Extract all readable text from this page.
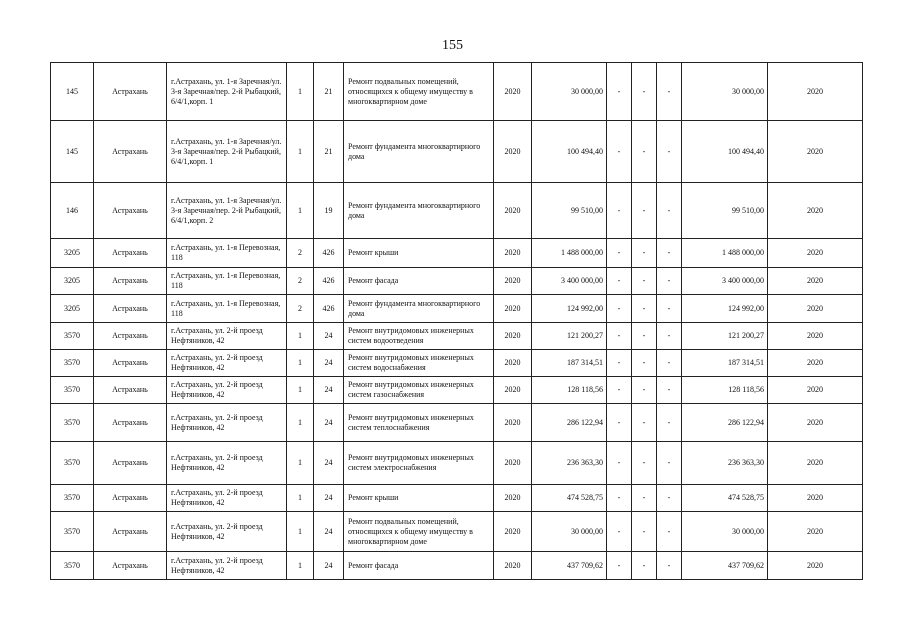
155
145	Астрахань	г.Астрахань, ул. 1-я Заречная/ул. 3-я Заречная/пер. 2-й Рыбацкий, 6/4/1,корп. 1	1	21	Ремонт подвальных помещений, относящихся к общему имуществу в многоквартирном доме	2020	30 000,00	-	-	-	30 000,00	2020
145	Астрахань	г.Астрахань, ул. 1-я Заречная/ул. 3-я Заречная/пер. 2-й Рыбацкий, 6/4/1,корп. 1	1	21	Ремонт фундамента многоквартирного дома	2020	100 494,40	-	-	-	100 494,40	2020
146	Астрахань	г.Астрахань, ул. 1-я Заречная/ул. 3-я Заречная/пер. 2-й Рыбацкий, 6/4/1,корп. 2	1	19	Ремонт фундамента многоквартирного дома	2020	99 510,00	-	-	-	99 510,00	2020
3205	Астрахань	г.Астрахань, ул. 1-я Перевозная, 118	2	426	Ремонт крыши	2020	1 488 000,00	-	-	-	1 488 000,00	2020
3205	Астрахань	г.Астрахань, ул. 1-я Перевозная, 118	2	426	Ремонт фасада	2020	3 400 000,00	-	-	-	3 400 000,00	2020
3205	Астрахань	г.Астрахань, ул. 1-я Перевозная, 118	2	426	Ремонт фундамента многоквартирного дома	2020	124 992,00	-	-	-	124 992,00	2020
3570	Астрахань	г.Астрахань, ул. 2-й проезд Нефтяников, 42	1	24	Ремонт внутридомовых инженерных систем водоотведения	2020	121 200,27	-	-	-	121 200,27	2020
3570	Астрахань	г.Астрахань, ул. 2-й проезд Нефтяников, 42	1	24	Ремонт внутридомовых инженерных систем водоснабжения	2020	187 314,51	-	-	-	187 314,51	2020
3570	Астрахань	г.Астрахань, ул. 2-й проезд Нефтяников, 42	1	24	Ремонт внутридомовых инженерных систем газоснабжения	2020	128 118,56	-	-	-	128 118,56	2020
3570	Астрахань	г.Астрахань, ул. 2-й проезд Нефтяников, 42	1	24	Ремонт внутридомовых инженерных систем теплоснабжения	2020	286 122,94	-	-	-	286 122,94	2020
3570	Астрахань	г.Астрахань, ул. 2-й проезд Нефтяников, 42	1	24	Ремонт внутридомовых инженерных систем электроснабжения	2020	236 363,30	-	-	-	236 363,30	2020
3570	Астрахань	г.Астрахань, ул. 2-й проезд Нефтяников, 42	1	24	Ремонт крыши	2020	474 528,75	-	-	-	474 528,75	2020
3570	Астрахань	г.Астрахань, ул. 2-й проезд Нефтяников, 42	1	24	Ремонт подвальных помещений, относящихся к общему имуществу в многоквартирном доме	2020	30 000,00	-	-	-	30 000,00	2020
3570	Астрахань	г.Астрахань, ул. 2-й проезд Нефтяников, 42	1	24	Ремонт фасада	2020	437 709,62	-	-	-	437 709,62	2020
